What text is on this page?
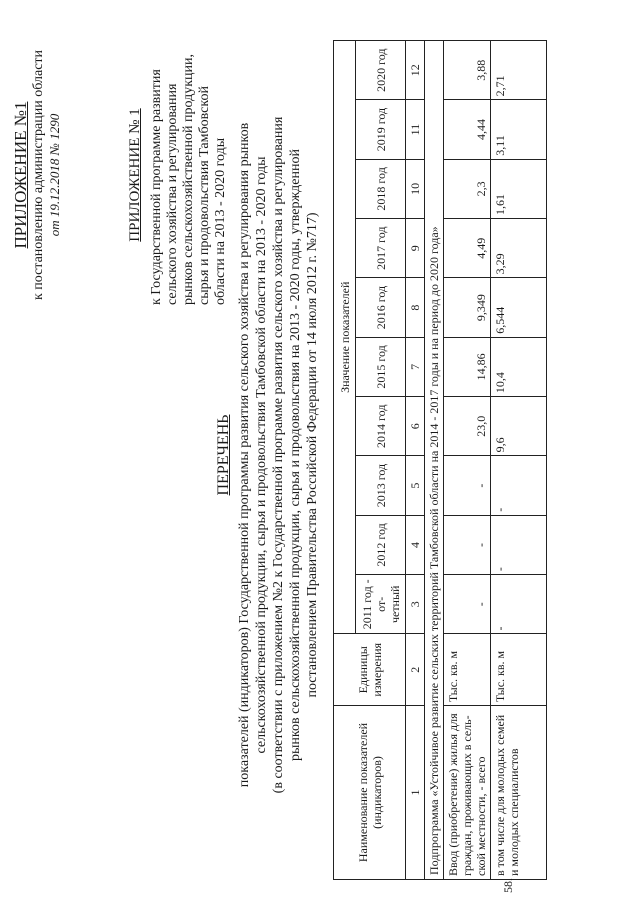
ПРИЛОЖЕНИЕ №1 к постановлению администрации области от 19.12.2018 № 1290	ПРИЛОЖЕНИЕ № 1 к Государственной программе развития сельского хозяйства и регулирования рынков сельскохозяйственной продукции, сырья и продовольствия Тамбовской области на 2013 - 2020 годы
ПЕРЕЧЕНЬ показателей (индикаторов) Государственной программы развития сельского хозяйства и регулирования рынков сельскохозяйственной продукции, сырья и продовольствия Тамбовской области на 2013 - 2020 годы (в соответствии с приложением №2 к Государственной программе развития сельского хозяйства и регулирования рынков сельскохозяйственной продукции, сырья и продовольствия на 2013 - 2020 годы, утвержденной постановлением Правительства Российской Федерации от 14 июля 2012 г. №717)
Наименование показателей (индикаторов)	Единицы измерения	Значение показателей									
		2011 год - от-четный	2012 год	2013 год	2014 год	2015 год	2016 год	2017 год	2018 год	2019 год	2020 год
1	2	3	4	5	6	7	8	9	10	11	12
Подпрограмма «Устойчивое развитие сельских территорий Тамбовской области на 2014 - 2017 годы и на период до 2020 года»											
Ввод (приобретение) жилья для граждан, проживающих в сель-ской местности, - всего	Тыс. кв. м	-	-	-	23,0	14,86	9,349	4,49	2,3	4,44	3,88
в том числе для молодых семей и молодых специалистов	Тыс. кв. м	-	-	-	9,6	10,4	6,544	3,29	1,61	3,11	2,71
58.
